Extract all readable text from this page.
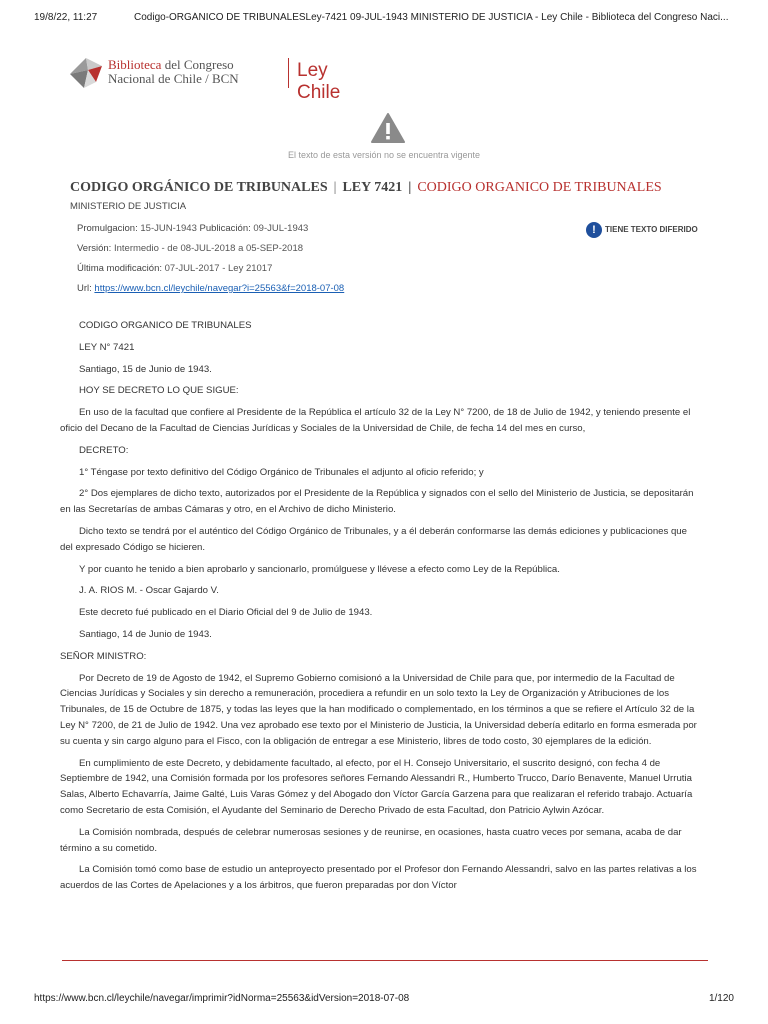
19/8/22, 11:27	Codigo-ORGÁNICO DE TRIBUNALESLey-7421 09-JUL-1943 MINISTERIO DE JUSTICIA - Ley Chile - Biblioteca del Congreso Naci...
Biblioteca del Congreso
Nacional de Chile / BCN	Ley Chile
El texto de esta versión no se encuentra vigente
CODIGO ORGÁNICO DE TRIBUNALES | LEY 7421 | CODIGO ORGANICO DE TRIBUNALES
MINISTERIO DE JUSTICIA
Promulgacion: 15-JUN-1943 Publicación: 09-JUL-1943
Versión: Intermedio - de 08-JUL-2018 a 05-SEP-2018
Última modificación: 07-JUL-2017 - Ley 21017
Url: https://www.bcn.cl/leychile/navegar?i=25563&f=2018-07-08
! TIENE TEXTO DIFERIDO

CODIGO ORGANICO DE TRIBUNALES

LEY N° 7421

Santiago, 15 de Junio de 1943.

HOY SE DECRETO LO QUE SIGUE:

En uso de la facultad que confiere al Presidente de la República el artículo 32 de la Ley N° 7200, de 18 de Julio de 1942, y teniendo presente el oficio del Decano de la Facultad de Ciencias Jurídicas y Sociales de la Universidad de Chile, de fecha 14 del mes en curso,

DECRETO:

1° Téngase por texto definitivo del Código Orgánico de Tribunales el adjunto al oficio referido; y

2° Dos ejemplares de dicho texto, autorizados por el Presidente de la República y signados con el sello del Ministerio de Justicia, se depositarán en las Secretarías de ambas Cámaras y otro, en el Archivo de dicho Ministerio.

Dicho texto se tendrá por el auténtico del Código Orgánico de Tribunales, y a él deberán conformarse las demás ediciones y publicaciones que del expresado Código se hicieren.

Y por cuanto he tenido a bien aprobarlo y sancionarlo, promúlguese y llévese a efecto como Ley de la República.

J. A. RIOS M. - Oscar Gajardo V.

Este decreto fué publicado en el Diario Oficial del 9 de Julio de 1943.

Santiago, 14 de Junio de 1943.

SEÑOR MINISTRO:

Por Decreto de 19 de Agosto de 1942, el Supremo Gobierno comisionó a la Universidad de Chile para que, por intermedio de la Facultad de Ciencias Jurídicas y Sociales y sin derecho a remuneración, procediera a refundir en un solo texto la Ley de Organización y Atribuciones de los Tribunales, de 15 de Octubre de 1875, y todas las leyes que la han modificado o complementado, en los términos a que se refiere el Artículo 32 de la Ley N° 7200, de 21 de Julio de 1942. Una vez aprobado ese texto por el Ministerio de Justicia, la Universidad debería editarlo en forma esmerada por su cuenta y sin cargo alguno para el Fisco, con la obligación de entregar a ese Ministerio, libres de todo costo, 30 ejemplares de la edición.

En cumplimiento de este Decreto, y debidamente facultado, al efecto, por el H. Consejo Universitario, el suscrito designó, con fecha 4 de Septiembre de 1942, una Comisión formada por los profesores señores Fernando Alessandri R., Humberto Trucco, Darío Benavente, Manuel Urrutia Salas, Alberto Echavarría, Jaime Galté, Luis Varas Gómez y del Abogado don Víctor García Garzena para que realizaran el referido trabajo. Actuaría como Secretario de esta Comisión, el Ayudante del Seminario de Derecho Privado de esta Facultad, don Patricio Aylwin Azócar.

La Comisión nombrada, después de celebrar numerosas sesiones y de reunirse, en ocasiones, hasta cuatro veces por semana, acaba de dar término a su cometido.

La Comisión tomó como base de estudio un anteproyecto presentado por el Profesor don Fernando Alessandri, salvo en las partes relativas a los acuerdos de las Cortes de Apelaciones y a los árbitros, que fueron preparadas por don Víctor

https://www.bcn.cl/leychile/navegar/imprimir?idNorma=25563&idVersion=2018-07-08	1/120
